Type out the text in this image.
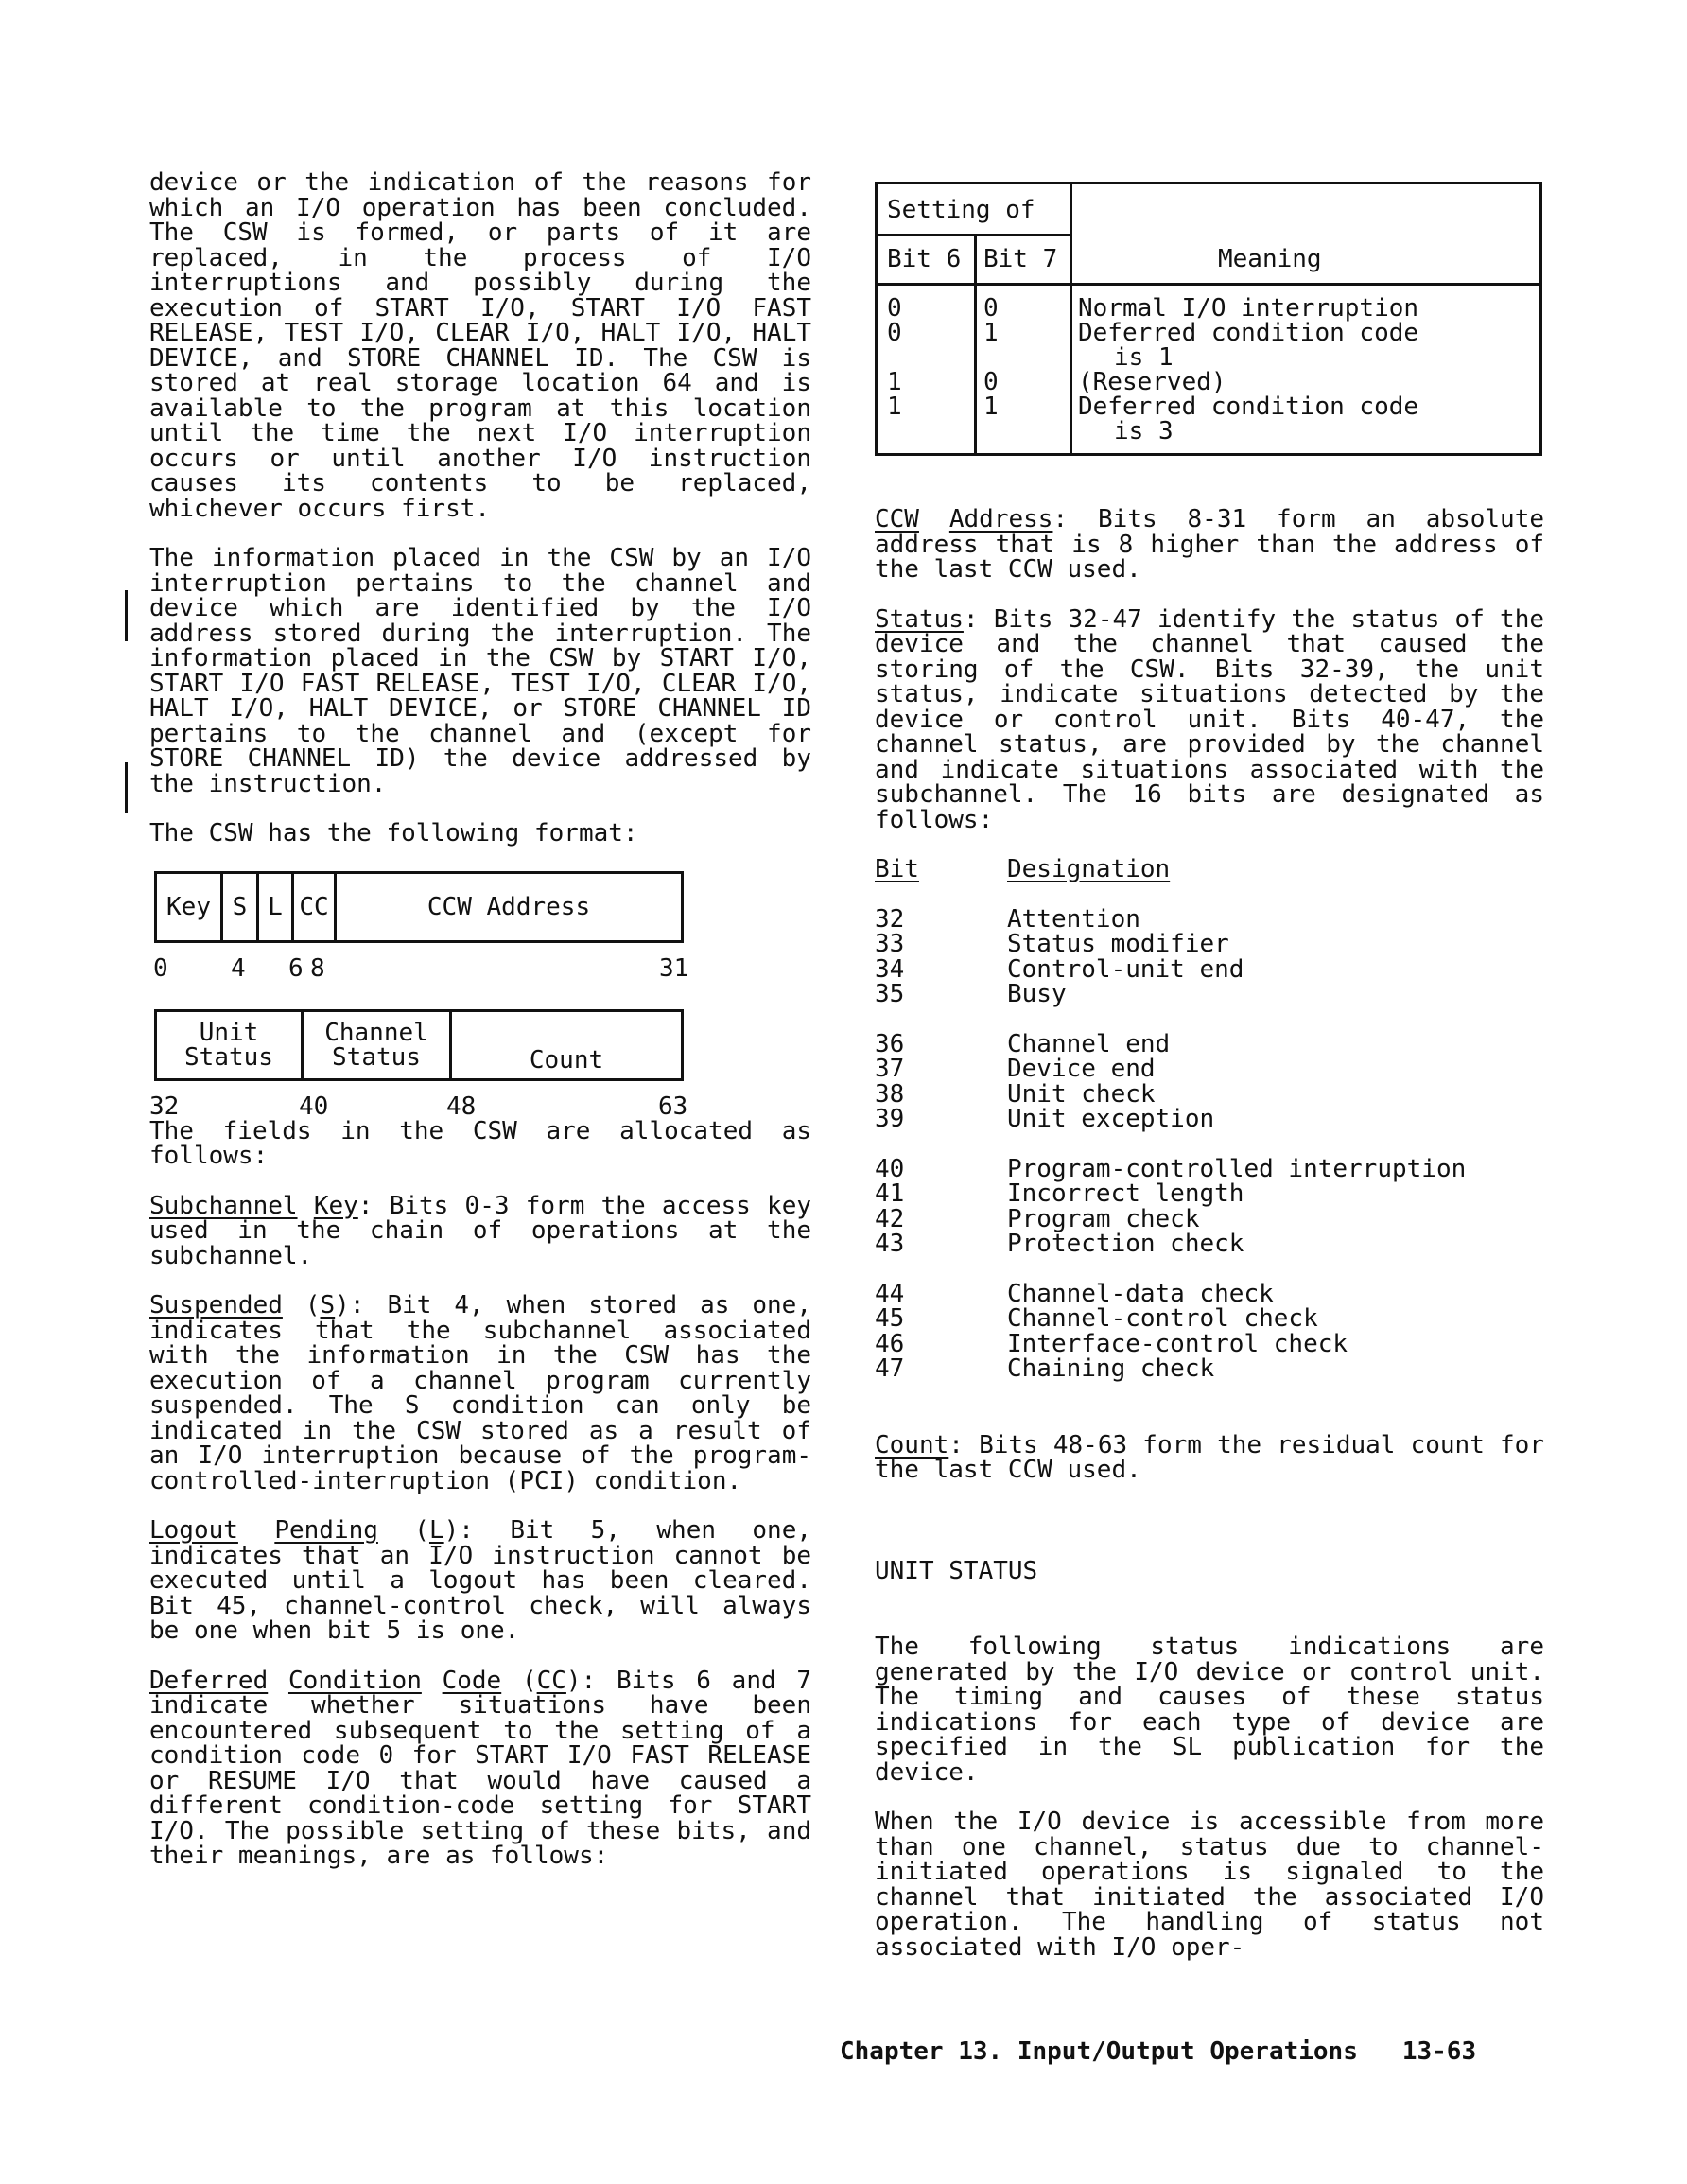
device or the indication of the reasons for which an I/O operation has been concluded. The CSW is formed, or parts of it are replaced, in the process of I/O interruptions and possibly during the execution of START I/O, START I/O FAST RELEASE, TEST I/O, CLEAR I/O, HALT I/O, HALT DEVICE, and STORE CHANNEL ID. The CSW is stored at real storage location 64 and is available to the program at this location until the time the next I/O interruption occurs or until another I/O instruction causes its contents to be replaced, whichever occurs first.

The information placed in the CSW by an I/O interruption pertains to the channel and device which are identified by the I/O address stored during the interruption. The information placed in the CSW by START I/O, START I/O FAST RELEASE, TEST I/O, CLEAR I/O, HALT I/O, HALT DEVICE, or STORE CHANNEL ID pertains to the channel and (except for STORE CHANNEL ID) the device addressed by the instruction.

The CSW has the following format:

Key S L CC	CCW Address
0	4 6 8	31
Unit Status
Channel Status	Count
32	40	48	63

The fields in the CSW are allocated as follows:

Subchannel Key: Bits 0-3 form the access key used in the chain of operations at the subchannel.

Suspended (S): Bit 4, when stored as one, indicates that the subchannel associated with the information in the CSW has the execution of a channel program currently suspended. The S condition can only be indicated in the CSW stored as a result of an I/O interruption because of the program-controlled-interruption (PCI) condition.

Logout Pending (L): Bit 5, when one, indicates that an I/O instruction cannot be executed until a logout has been cleared. Bit 45, channel-control check, will always be one when bit 5 is one.

Deferred Condition Code (CC): Bits 6 and 7 indicate whether situations have been encountered subsequent to the setting of a condition code 0 for START I/O FAST RELEASE or RESUME I/O that would have caused a different condition-code setting for START I/O. The possible setting of these bits, and their meanings, are as follows:

Setting of
Bit 6 Bit 7	Meaning
0	0	Normal I/O interruption
0	1	Deferred condition code
is 1
1	0	(Reserved)
1	1	Deferred condition code
is 3

CCW Address: Bits 8-31 form an absolute address that is 8 higher than the address of the last CCW used.

Status: Bits 32-47 identify the status of the device and the channel that caused the storing of the CSW. Bits 32-39, the unit status, indicate situations detected by the device or control unit. Bits 40-47, the channel status, are provided by the channel and indicate situations associated with the subchannel. The 16 bits are designated as follows:

Bit	Designation
32	Attention
33	Status modifier
34	Control-unit end
35	Busy
36	Channel end
37	Device end
38	Unit check
39	Unit exception
40	Program-controlled interruption
41	Incorrect length
42	Program check
43	Protection check
44	Channel-data check
45	Channel-control check
46	Interface-control check
47	Chaining check

Count: Bits 48-63 form the residual count for the last CCW used.

UNIT STATUS

The following status indications are generated by the I/O device or control unit. The timing and causes of these status indications for each type of device are specified in the SL publication for the device.

When the I/O device is accessible from more than one channel, status due to channel-initiated operations is signaled to the channel that initiated the associated I/O operation. The handling of status not associated with I/O oper-

Chapter 13. Input/Output Operations   13-63
